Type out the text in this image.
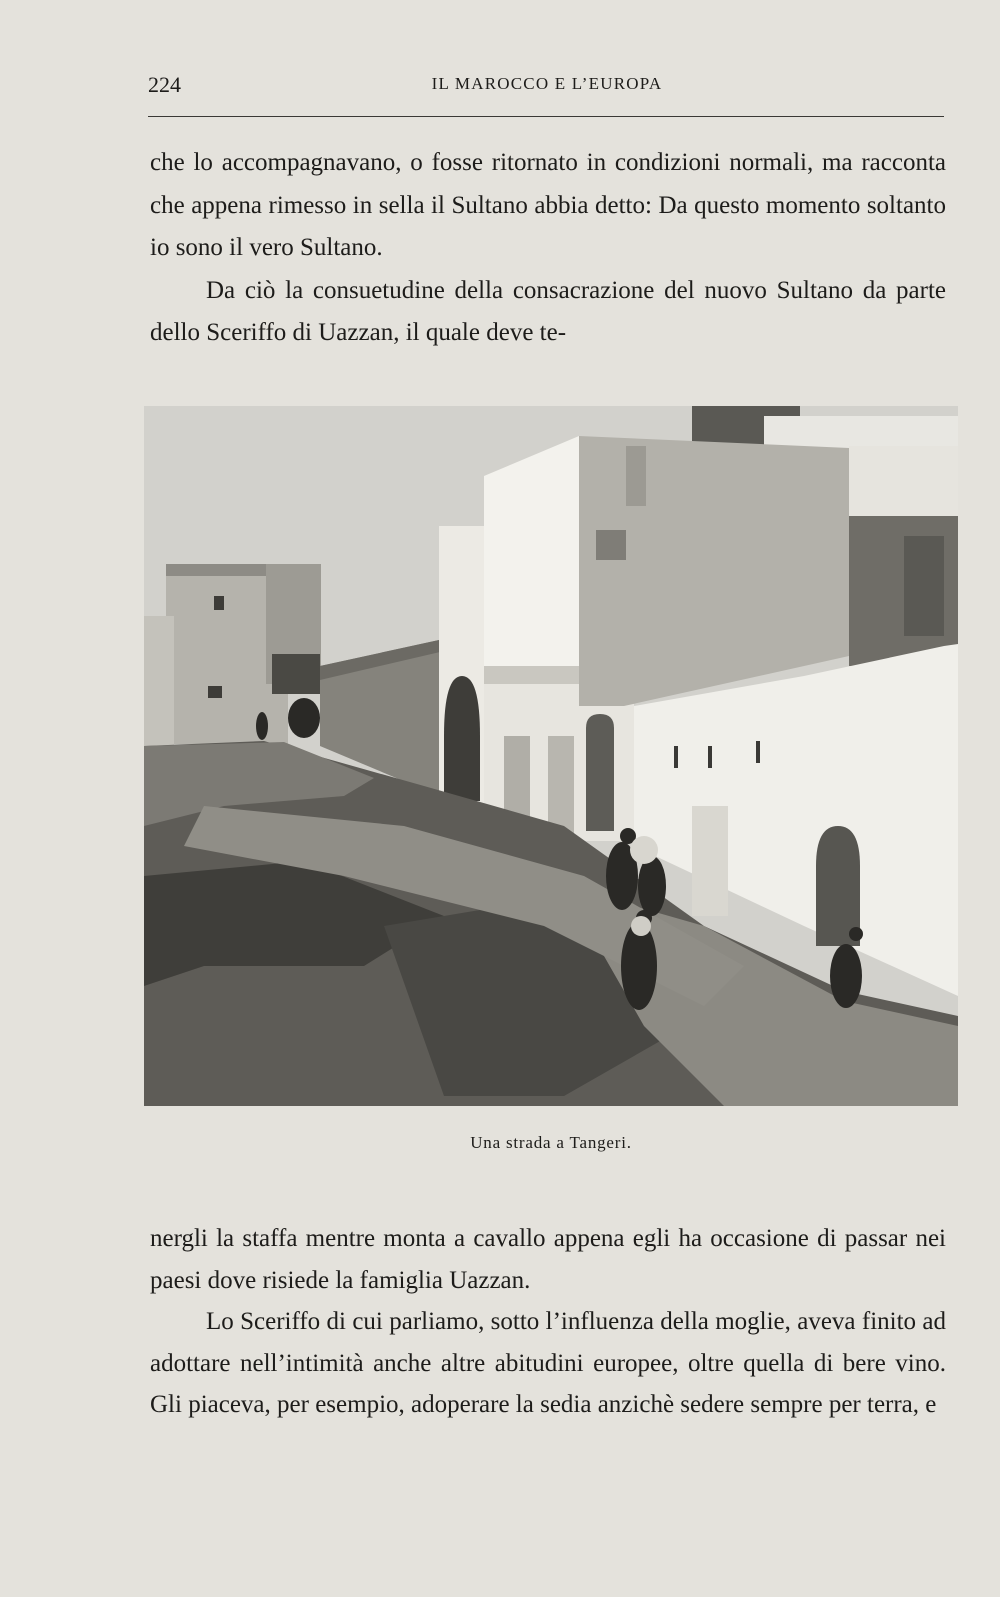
224	IL MAROCCO E L’EUROPA

che lo accompagnavano, o fosse ritornato in condizioni normali, ma racconta che appena rimesso in sella il Sultano abbia detto: Da questo momento soltanto io sono il vero Sultano.

Da ciò la consuetudine della consacrazione del nuovo Sultano da parte dello Sceriffo di Uazzan, il quale deve te-

Una strada a Tangeri.

nergli la staffa mentre monta a cavallo appena egli ha occasione di passar nei paesi dove risiede la famiglia Uazzan.

Lo Sceriffo di cui parliamo, sotto l’influenza della moglie, aveva finito ad adottare nell’intimità anche altre abitudini europee, oltre quella di bere vino. Gli piaceva, per esempio, adoperare la sedia anzichè sedere sempre per terra, e
